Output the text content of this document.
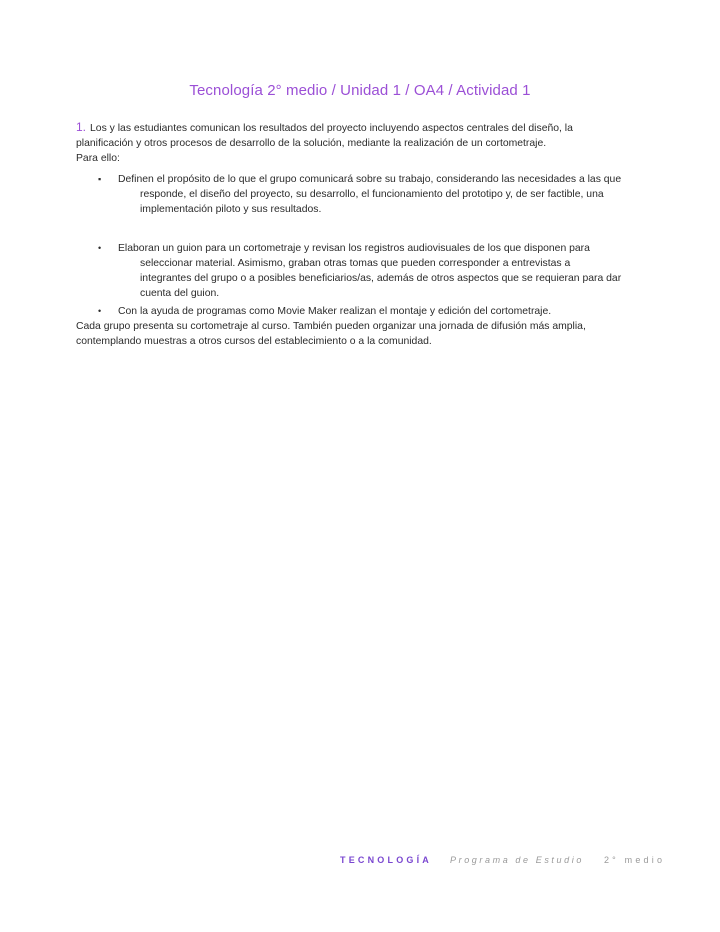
Tecnología 2° medio / Unidad 1 / OA4 / Actividad 1

1. Los y las estudiantes comunican los resultados del proyecto incluyendo aspectos centrales del diseño, la planificación y otros procesos de desarrollo de la solución, mediante la realización de un cortometraje.

Para ello:

▪ Definen el propósito de lo que el grupo comunicará sobre su trabajo, considerando las necesidades a las que responde, el diseño del proyecto, su desarrollo, el funcionamiento del prototipo y, de ser factible, una implementación piloto y sus resultados.
• Elaboran un guion para un cortometraje y revisan los registros audiovisuales de los que disponen para seleccionar material. Asimismo, graban otras tomas que pueden corresponder a entrevistas a integrantes del grupo o a posibles beneficiarios/as, además de otros aspectos que se requieran para dar cuenta del guion.
• Con la ayuda de programas como Movie Maker realizan el montaje y edición del cortometraje.

Cada grupo presenta su cortometraje al curso. También pueden organizar una jornada de difusión más amplia, contemplando muestras a otros cursos del establecimiento o a la comunidad.

TECNOLOGÍA Programa de Estudio 2° medio
